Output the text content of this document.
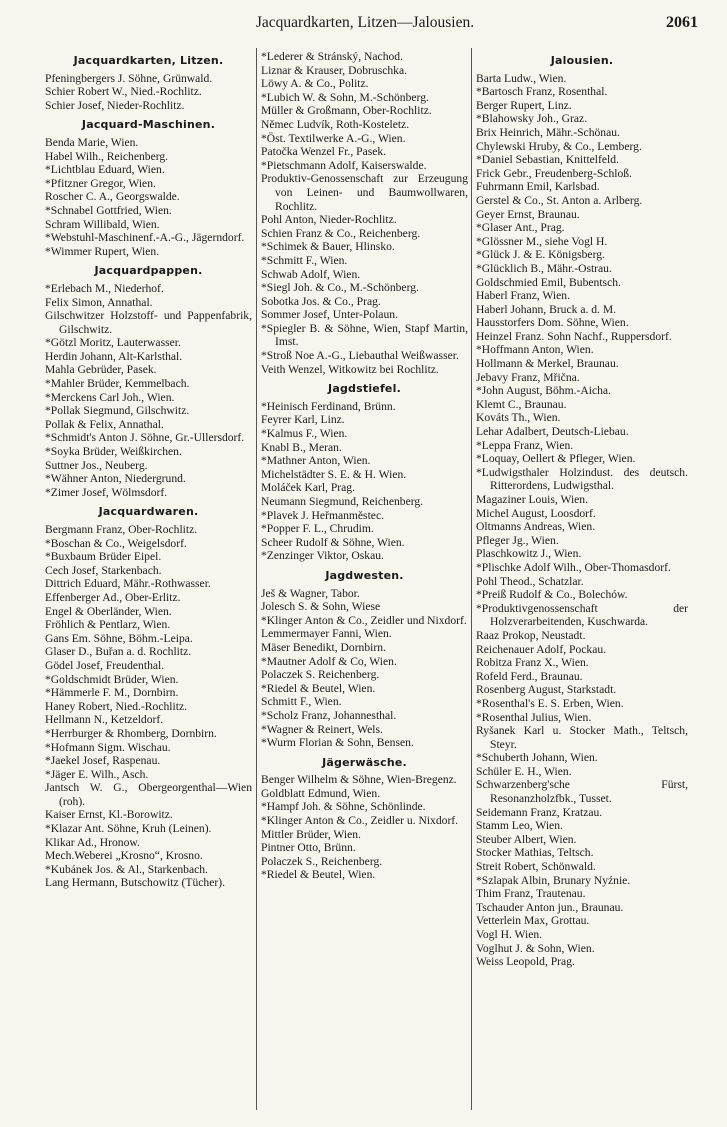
Jacquardkarten, Litzen—Jalousien.	2061
Jacquardkarten, Litzen.
Pfeningbergers J. Söhne, Grünwald.
Schier Robert W., Nied.-Rochlitz.
Schier Josef, Nieder-Rochlitz.
Jacquard-Maschinen.
Benda Marie, Wien.
Habel Wilh., Reichenberg.
*Lichtblau Eduard, Wien.
*Pfitzner Gregor, Wien.
Roscher C. A., Georgswalde.
*Schnabel Gottfried, Wien.
Schram Willibald, Wien.
*Webstuhl-Maschinenf.-A.-G., Jägerndorf.
*Wimmer Rupert, Wien.
Jacquardpappen.
*Erlebach M., Niederhof.
Felix Simon, Annathal.
Gilschwitzer Holzstoff- und Pappenfabrik, Gilschwitz.
*Götzl Moritz, Lauterwasser.
Herdin Johann, Alt-Karlsthal.
Mahla Gebrüder, Pasek.
*Mahler Brüder, Kemmelbach.
*Merckens Carl Joh., Wien.
*Pollak Siegmund, Gilschwitz.
Pollak & Felix, Annathal.
*Schmidt's Anton J. Söhne, Gr.-Ullersdorf.
*Soyka Brüder, Weißkirchen.
Suttner Jos., Neuberg.
*Wähner Anton, Niedergrund.
*Zimer Josef, Wölmsdorf.
Jacquardwaren.
Bergmann Franz, Ober-Rochlitz.
*Boschan & Co., Weigelsdorf.
*Buxbaum Brüder Eipel.
Cech Josef, Starkenbach.
Dittrich Eduard, Mähr.-Rothwasser.
Effenberger Ad., Ober-Erlitz.
Engel & Oberländer, Wien.
Fröhlich & Pentlarz, Wien.
Gans Em. Söhne, Böhm.-Leipa.
Glaser D., Buřan a. d. Rochlitz.
Gödel Josef, Freudenthal.
*Goldschmidt Brüder, Wien.
*Hämmerle F. M., Dornbirn.
Haney Robert, Nied.-Rochlitz.
Hellmann N., Ketzeldorf.
*Herrburger & Rhomberg, Dornbirn.
*Hofmann Sigm. Wischau.
*Jaekel Josef, Raspenau.
*Jäger E. Wilh., Asch.
Jantsch W. G., Obergeorgenthal—Wien (roh).
Kaiser Ernst, Kl.-Borowitz.
*Klazar Ant. Söhne, Kruh (Leinen).
Klikar Ad., Hronow.
Mech.Weberei „Krosno“, Krosno.
*Kubánek Jos. & Al., Starkenbach.
Lang Hermann, Butschowitz (Tücher).
*Lederer & Stránský, Nachod.
Liznar & Krauser, Dobruschka.
Löwy A. & Co., Politz.
*Lubich W. & Sohn, M.-Schönberg.
Müller & Großmann, Ober-Rochlitz.
Němec Ludvík, Roth-Kosteletz.
*Öst. Textilwerke A.-G., Wien.
Patočka Wenzel Fr., Pasek.
*Pietschmann Adolf, Kaiserswalde.
Produktiv-Genossenschaft zur Erzeugung von Leinen- und Baumwollwaren, Rochlitz.
Pohl Anton, Nieder-Rochlitz.
Schien Franz & Co., Reichenberg.
*Schimek & Bauer, Hlinsko.
*Schmitt F., Wien.
Schwab Adolf, Wien.
*Siegl Joh. & Co., M.-Schönberg.
Sobotka Jos. & Co., Prag.
Sommer Josef, Unter-Polaun.
*Spiegler B. & Söhne, Wien, Stapf Martin, Imst.
*Stroß Noe A.-G., Liebauthal Weißwasser.
Veith Wenzel, Witkowitz bei Rochlitz.
Jagdstiefel.
*Heinisch Ferdinand, Brünn.
Feyrer Karl, Linz.
*Kalmus F., Wien.
Knabl B., Meran.
*Mathner Anton, Wien.
Michelstädter S. E. & H. Wien.
Moláček Karl, Prag.
Neumann Siegmund, Reichenberg.
*Plavek J. Heřmanměstec.
*Popper F. L., Chrudim.
Scheer Rudolf & Söhne, Wien.
*Zenzinger Viktor, Oskau.
Jagdwesten.
Ješ & Wagner, Tabor.
Jolesch S. & Sohn, Wiese
*Klinger Anton & Co., Zeidler und Nixdorf.
Lemmermayer Fanni, Wien.
Mäser Benedikt, Dornbirn.
*Mautner Adolf & Co, Wien.
Polaczek S. Reichenberg.
*Riedel & Beutel, Wien.
Schmitt F., Wien.
*Scholz Franz, Johannesthal.
*Wagner & Reinert, Wels.
*Wurm Florian & Sohn, Bensen.
Jägerwäsche.
Benger Wilhelm & Söhne, Wien-Bregenz.
Goldblatt Edmund, Wien.
*Hampf Joh. & Söhne, Schönlinde.
*Klinger Anton & Co., Zeidler u. Nixdorf.
Mittler Brüder, Wien.
Pintner Otto, Brünn.
Polaczek S., Reichenberg.
*Riedel & Beutel, Wien.
Jalousien.
Barta Ludw., Wien.
*Bartosch Franz, Rosenthal.
Berger Rupert, Linz.
*Blahowsky Joh., Graz.
Brix Heinrich, Mähr.-Schönau.
Chylewski Hruby, & Co., Lemberg.
*Daniel Sebastian, Knittelfeld.
Frick Gebr., Freudenberg-Schloß.
Fuhrmann Emil, Karlsbad.
Gerstel & Co., St. Anton a. Arlberg.
Geyer Ernst, Braunau.
*Glaser Ant., Prag.
*Glössner M., siehe Vogl H.
*Glück J. & E. Königsberg.
*Glücklich B., Mähr.-Ostrau.
Goldschmied Emil, Bubentsch.
Haberl Franz, Wien.
Haberl Johann, Bruck a. d. M.
Hausstorfers Dom. Söhne, Wien.
Heinzel Franz. Sohn Nachf., Ruppersdorf.
*Hoffmann Anton, Wien.
Hollmann & Merkel, Braunau.
Jebavy Franz, Mřična.
*John August, Böhm.-Aicha.
Klemt C., Braunau.
Kováts Th., Wien.
Lehar Adalbert, Deutsch-Liebau.
*Leppa Franz, Wien.
*Loquay, Oellert & Pfleger, Wien.
*Ludwigsthaler Holzindust. des deutsch. Ritterordens, Ludwigsthal.
Magaziner Louis, Wien.
Michel August, Loosdorf.
Oltmanns Andreas, Wien.
Pfleger Jg., Wien.
Plaschkowitz J., Wien.
*Plischke Adolf Wilh., Ober-Thomasdorf.
Pohl Theod., Schatzlar.
*Preiß Rudolf & Co., Bolechów.
*Produktivgenossenschaft der Holzverarbeitenden, Kuschwarda.
Raaz Prokop, Neustadt.
Reichenauer Adolf, Pockau.
Robitza Franz X., Wien.
Rofeld Ferd., Braunau.
Rosenberg August, Starkstadt.
*Rosenthal's E. S. Erben, Wien.
*Rosenthal Julius, Wien.
Ryšanek Karl u. Stocker Math., Teltsch, Steyr.
*Schuberth Johann, Wien.
Schüler E. H., Wien.
Schwarzenberg'sche Fürst, Resonanzholzfbk., Tusset.
Seidemann Franz, Kratzau.
Stamm Leo, Wien.
Steuber Albert, Wien.
Stocker Mathias, Teltsch.
Streit Robert, Schönwald.
*Szlapak Albin, Brunary Nyźnie.
Thim Franz, Trautenau.
Tschauder Anton jun., Braunau.
Vetterlein Max, Grottau.
Vogl H. Wien.
Voglhut J. & Sohn, Wien.
Weiss Leopold, Prag.
